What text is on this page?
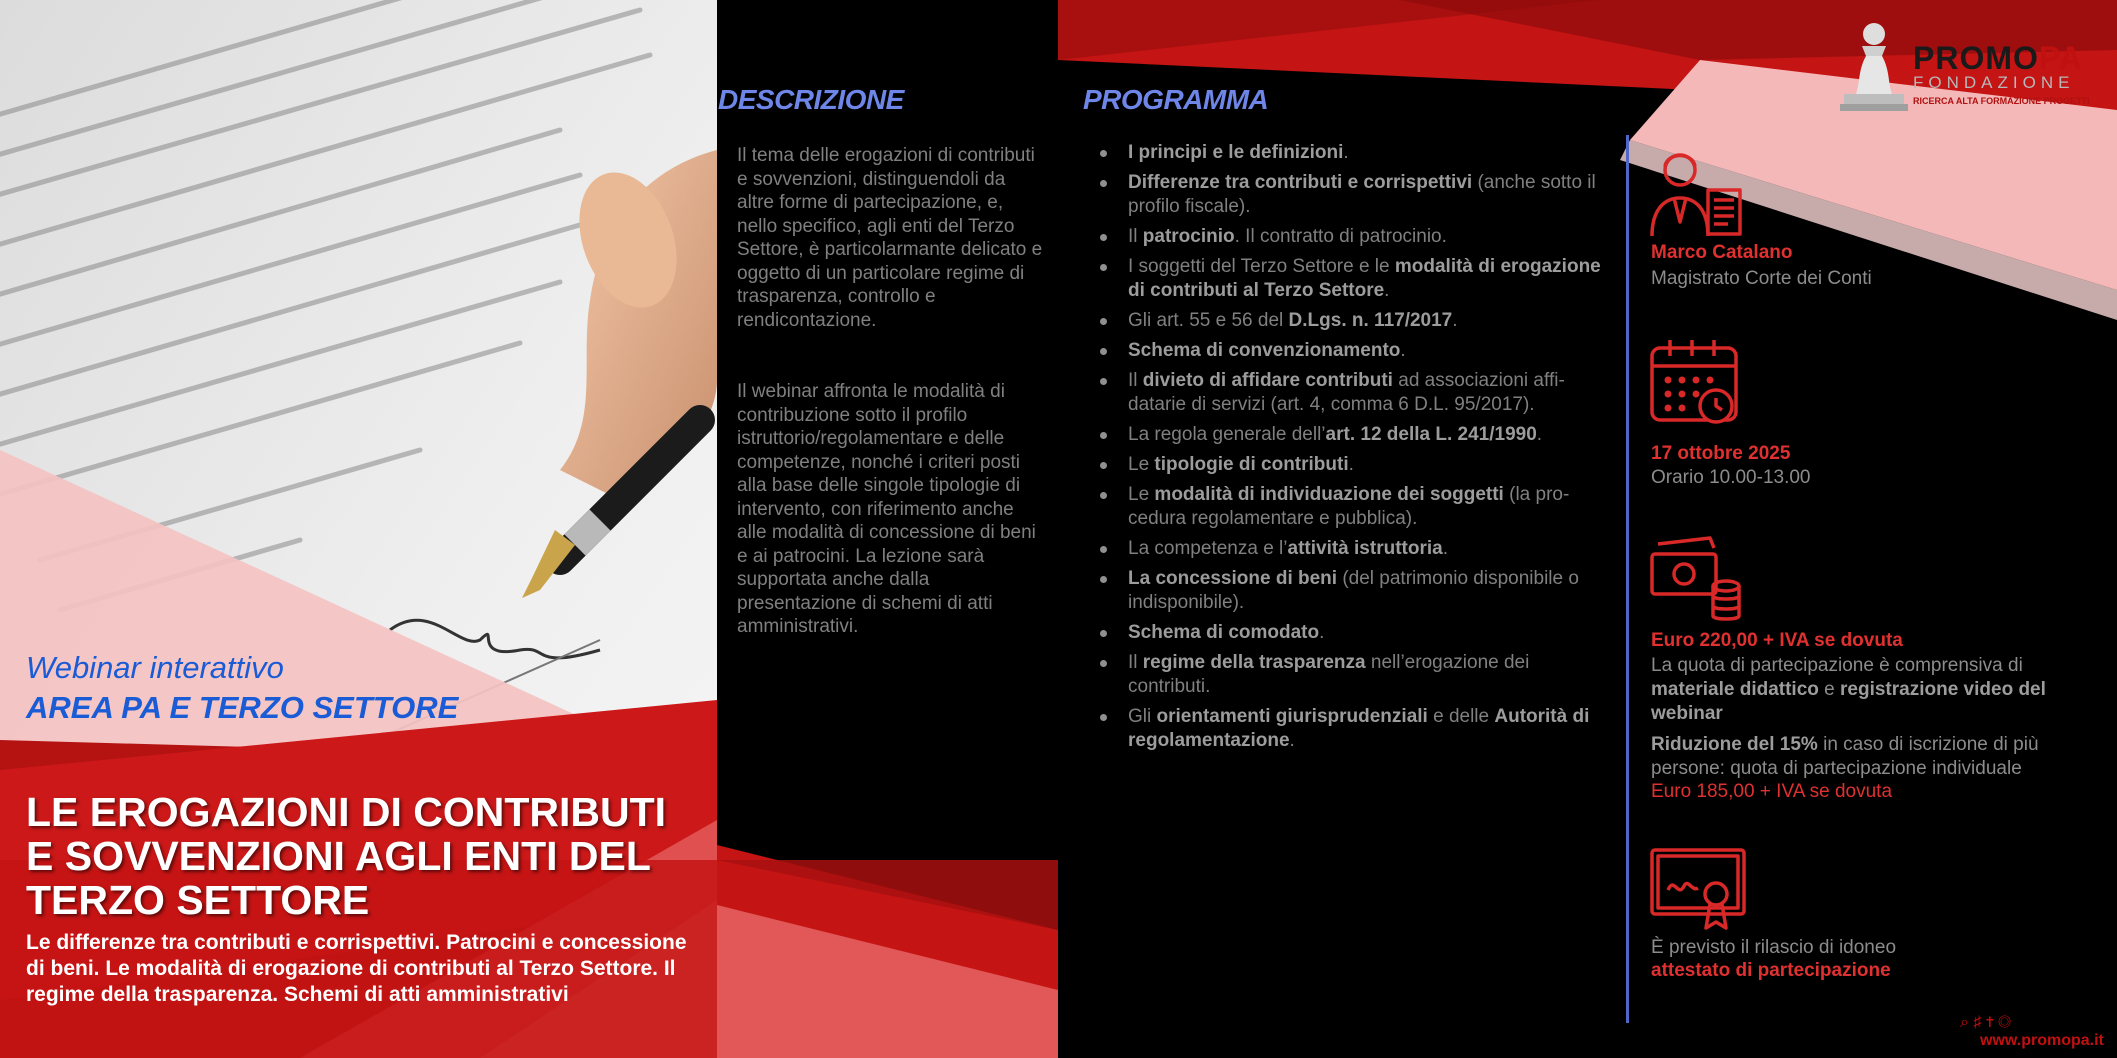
Webinar interattivo
AREA PA E TERZO SETTORE
LE EROGAZIONI DI CONTRIBUTI
E SOVVENZIONI AGLI ENTI DEL
TERZO SETTORE
Le differenze tra contributi e corrispettivi. Patrocini e concessione di beni. Le modalità di erogazione di contributi al Terzo Settore. Il regime della trasparenza. Schemi di atti amministrativi
PROMOPA
FONDAZIONE
RICERCA ALTA FORMAZIONE PROGETTI
DESCRIZIONE

Il tema delle erogazioni di contributi e sovvenzioni, distinguendoli da altre forme di partecipazione, e, nello specifico, agli enti del Terzo Settore, è particolarmante delicato e oggetto di un particolare regime di trasparenza, controllo e rendicontazione.

Il webinar affronta le modalità di contribuzione sotto il profilo istruttorio/regolamentare e delle competenze, nonché i criteri posti alla base delle singole tipologie di intervento, con riferimento anche alle modalità di concessione di beni e ai patrocini. La lezione sarà supportata anche dalla presentazione di schemi di atti amministrativi.

PROGRAMMA
I principi e le definizioni.
Differenze tra contributi e corrispettivi (anche sotto il profilo fiscale).
Il patrocinio. Il contratto di patrocinio.
I soggetti del Terzo Settore e le modalità di erogazione di contributi al Terzo Settore.
Gli art. 55 e 56 del D.Lgs. n. 117/2017.
Schema di convenzionamento.
Il divieto di affidare contributi ad associazioni affidatarie di servizi (art. 4, comma 6 D.L. 95/2017).
La regola generale dell’art. 12 della L. 241/1990.
Le tipologie di contributi.
Le modalità di individuazione dei soggetti (la procedura regolamentare e pubblica).
La competenza e l’attività istruttoria.
La concessione di beni (del patrimonio disponibile o indisponibile).
Schema di comodato.
Il regime della trasparenza nell’erogazione dei contributi.
Gli orientamenti giurisprudenziali e delle Autorità di regolamentazione.
Marco Catalano
Magistrato Corte dei Conti
17 ottobre 2025
Orario 10.00-13.00
Euro 220,00 + IVA se dovuta
La quota di partecipazione è comprensiva di materiale didattico e registrazione video del webinar
Riduzione del 15% in caso di iscrizione di più persone: quota di partecipazione individuale
Euro 185,00 + IVA se dovuta
È previsto il rilascio di idoneo
attestato di partecipazione
⌕ ♯ ✝ ◎
www.promopa.it
